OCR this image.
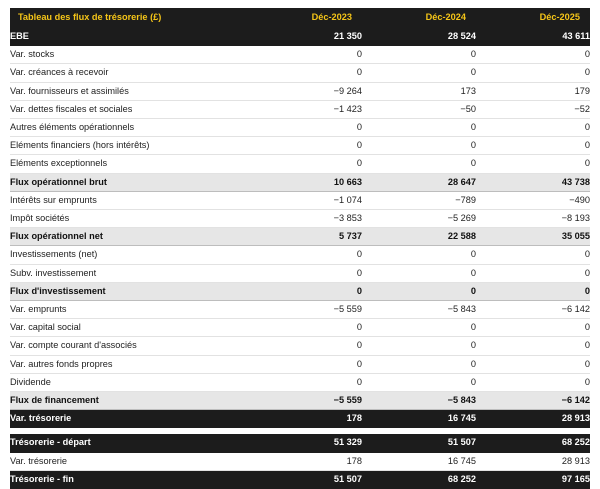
Tableau des flux de trésorerie (£)	Déc-2023	Déc-2024	Déc-2025
EBE	21 350	28 524	43 611
Var. stocks	0	0	0
Var. créances à recevoir	0	0	0
Var. fournisseurs et assimilés	−9 264	173	179
Var. dettes fiscales et sociales	−1 423	−50	−52
Autres éléments opérationnels	0	0	0
Eléments financiers (hors intérêts)	0	0	0
Eléments exceptionnels	0	0	0
Flux opérationnel brut	10 663	28 647	43 738
Intérêts sur emprunts	−1 074	−789	−490
Impôt sociétés	−3 853	−5 269	−8 193
Flux opérationnel net	5 737	22 588	35 055
Investissements (net)	0	0	0
Subv. investissement	0	0	0
Flux d'investissement	0	0	0
Var. emprunts	−5 559	−5 843	−6 142
Var. capital social	0	0	0
Var. compte courant d'associés	0	0	0
Var. autres fonds propres	0	0	0
Dividende	0	0	0
Flux de financement	−5 559	−5 843	−6 142
Var. trésorerie	178	16 745	28 913

Trésorerie - départ	51 329	51 507	68 252
Var. trésorerie	178	16 745	28 913
Trésorerie - fin	51 507	68 252	97 165
